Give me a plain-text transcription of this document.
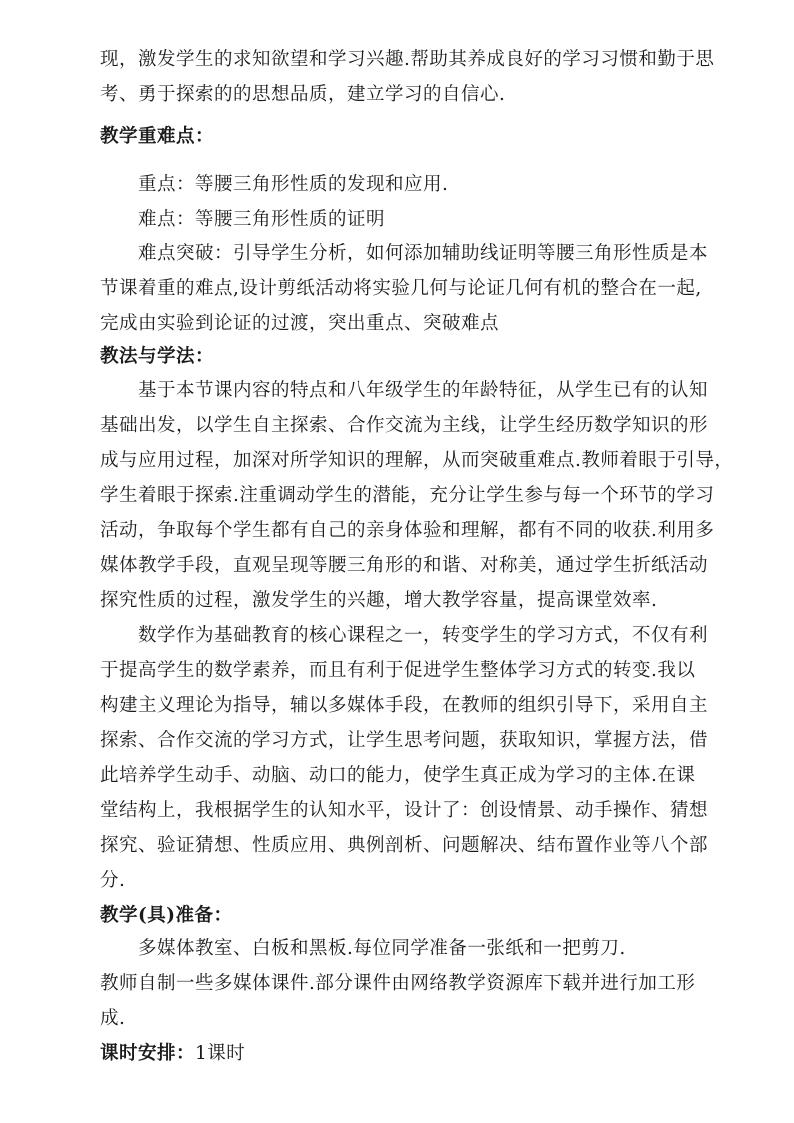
现，激发学生的求知欲望和学习兴趣.帮助其养成良好的学习习惯和勤于思
考、勇于探索的的思想品质，建立学习的自信心.
教学重难点：
重点：等腰三角形性质的发现和应用.
难点：等腰三角形性质的证明
难点突破：引导学生分析，如何添加辅助线证明等腰三角形性质是本
节课着重的难点,设计剪纸活动将实验几何与论证几何有机的整合在一起,
完成由实验到论证的过渡，突出重点、突破难点
教法与学法：
基于本节课内容的特点和八年级学生的年龄特征，从学生已有的认知
基础出发，以学生自主探索、合作交流为主线，让学生经历数学知识的形
成与应用过程，加深对所学知识的理解，从而突破重难点.教师着眼于引导，
学生着眼于探索.注重调动学生的潜能，充分让学生参与每一个环节的学习
活动，争取每个学生都有自己的亲身体验和理解，都有不同的收获.利用多
媒体教学手段，直观呈现等腰三角形的和谐、对称美，通过学生折纸活动
探究性质的过程，激发学生的兴趣，增大教学容量，提高课堂效率.
数学作为基础教育的核心课程之一，转变学生的学习方式，不仅有利
于提高学生的数学素养，而且有利于促进学生整体学习方式的转变.我以
构建主义理论为指导，辅以多媒体手段，在教师的组织引导下，采用自主
探索、合作交流的学习方式，让学生思考问题，获取知识，掌握方法，借
此培养学生动手、动脑、动口的能力，使学生真正成为学习的主体.在课
堂结构上，我根据学生的认知水平，设计了：创设情景、动手操作、猜想
探究、验证猜想、性质应用、典例剖析、问题解决、结布置作业等八个部
分.
教学(具)准备：
多媒体教室、白板和黑板.每位同学准备一张纸和一把剪刀.
教师自制一些多媒体课件.部分课件由网络教学资源库下载并进行加工形
成.
课时安排：1课时
